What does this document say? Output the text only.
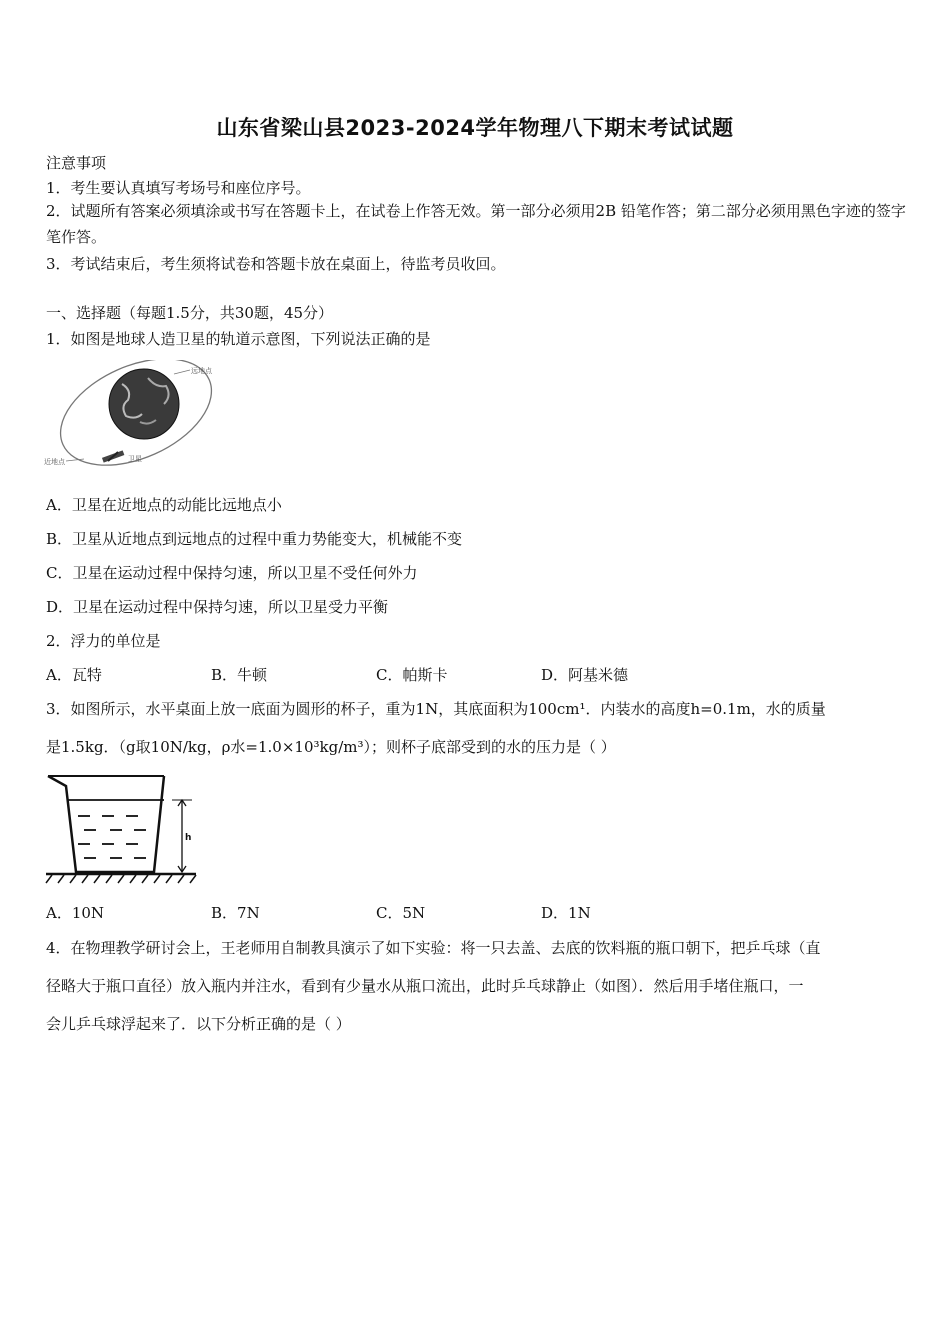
山东省梁山县2023-2024学年物理八下期末考试试题
注意事项
1．考生要认真填写考场号和座位序号。
2．试题所有答案必须填涂或书写在答题卡上，在试卷上作答无效。第一部分必须用2B 铅笔作答；第二部分必须用黑色字迹的签字笔作答。
3．考试结束后，考生须将试卷和答题卡放在桌面上，待监考员收回。
一、选择题（每题1.5分，共30题，45分）
1．如图是地球人造卫星的轨道示意图，下列说法正确的是
远地点
卫星
近地点
A．卫星在近地点的动能比远地点小
B．卫星从近地点到远地点的过程中重力势能变大，机械能不变
C．卫星在运动过程中保持匀速，所以卫星不受任何外力
D．卫星在运动过程中保持匀速，所以卫星受力平衡
2．浮力的单位是
A．瓦特	B．牛顿	C．帕斯卡	D．阿基米德
3．如图所示，水平桌面上放一底面为圆形的杯子，重为1N，其底面积为100cm¹．内装水的高度h=0.1m，水的质量
是1.5kg．（g取10N/kg，ρ水=1.0×10³kg/m³）；则杯子底部受到的水的压力是（ ）
h
A．10N	B．7N	C．5N	D．1N
4．在物理教学研讨会上，王老师用自制教具演示了如下实验：将一只去盖、去底的饮料瓶的瓶口朝下，把乒乓球（直
径略大于瓶口直径）放入瓶内并注水，看到有少量水从瓶口流出，此时乒乓球静止（如图）．然后用手堵住瓶口，一
会儿乒乓球浮起来了．以下分析正确的是（ ）
